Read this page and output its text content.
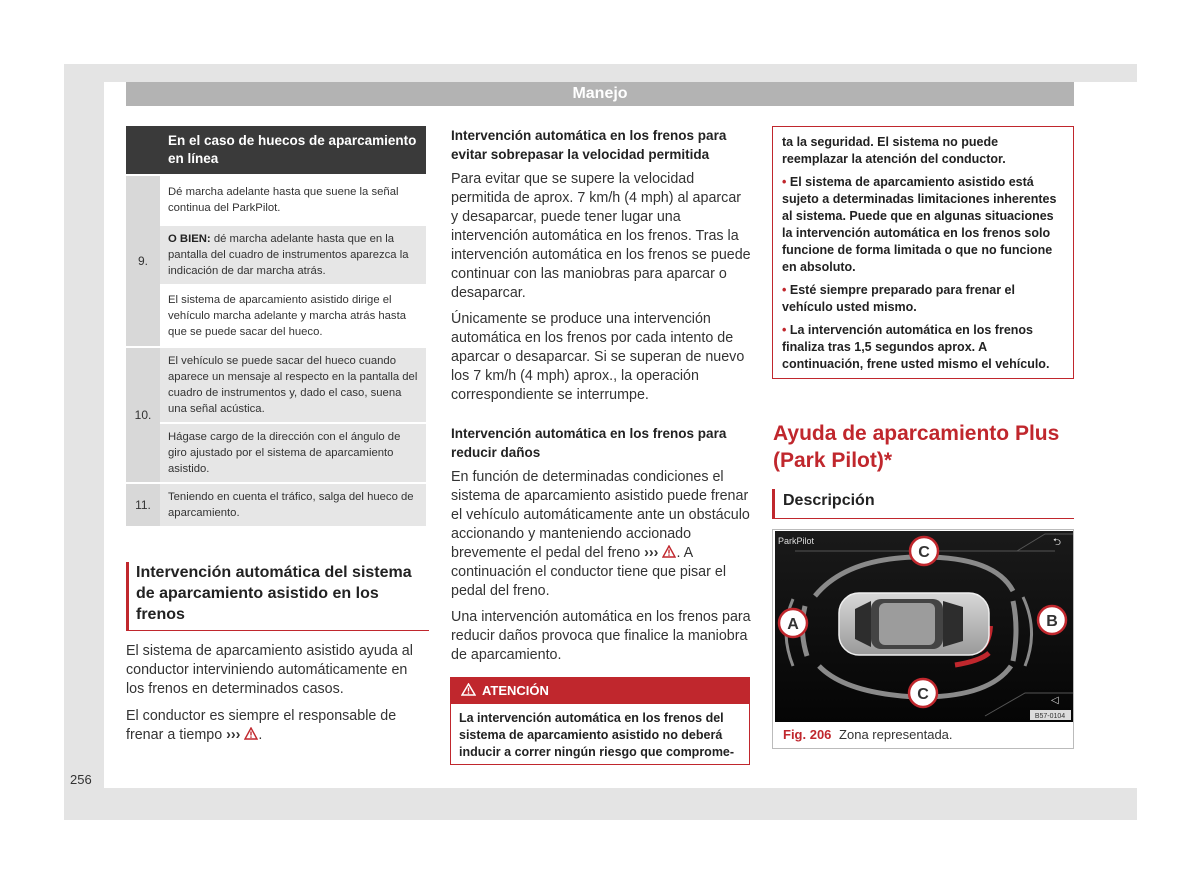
Manejo
	En el caso de huecos de aparcamiento en línea
9.	Dé marcha adelante hasta que suene la señal continua del ParkPilot.
	O BIEN: dé marcha adelante hasta que en la pantalla del cuadro de instrumentos aparezca la indicación de dar marcha atrás.
	El sistema de aparcamiento asistido dirige el vehículo marcha adelante y marcha atrás hasta que se puede sacar del hueco.
10.	El vehículo se puede sacar del hueco cuando aparece un mensaje al respecto en la pantalla del cuadro de instrumentos y, dado el caso, suena una señal acústica.
	Hágase cargo de la dirección con el ángulo de giro ajustado por el sistema de aparcamiento asistido.
11.	Teniendo en cuenta el tráfico, salga del hueco de aparcamiento.
Intervención automática del sistema de aparcamiento asistido en los frenos

El sistema de aparcamiento asistido ayuda al conductor interviniendo automáticamente en los frenos en determinados casos.

El conductor es siempre el responsable de frenar a tiempo ››› .

256
Intervención automática en los frenos para evitar sobrepasar la velocidad permitida

Para evitar que se supere la velocidad permitida de aprox. 7 km/h (4 mph) al aparcar y desaparcar, puede tener lugar una intervención automática en los frenos. Tras la intervención automática en los frenos se puede continuar con las maniobras para aparcar o desaparcar.

Únicamente se produce una intervención automática en los frenos por cada intento de aparcar o desaparcar. Si se superan de nuevo los 7 km/h (4 mph) aprox., la operación correspondiente se interrumpe.

Intervención automática en los frenos para reducir daños

En función de determinadas condiciones el sistema de aparcamiento asistido puede frenar el vehículo automáticamente ante un obstáculo accionando y manteniendo accionado brevemente el pedal del freno ››› . A continuación el conductor tiene que pisar el pedal del freno.

Una intervención automática en los frenos para reducir daños provoca que finalice la maniobra de aparcamiento.

ATENCIÓN
La intervención automática en los frenos del sistema de aparcamiento asistido no deberá inducir a correr ningún riesgo que comprome-

ta la seguridad. El sistema no puede reemplazar la atención del conductor.

• El sistema de aparcamiento asistido está sujeto a determinadas limitaciones inherentes al sistema. Puede que en algunas situaciones la intervención automática en los frenos solo funcione de forma limitada o que no funcione en absoluto.

• Esté siempre preparado para frenar el vehículo usted mismo.

• La intervención automática en los frenos finaliza tras 1,5 segundos aprox. A continuación, frene usted mismo el vehículo.

Ayuda de aparcamiento Plus (Park Pilot)*
Descripción
ParkPilot	⮌
C
A	B
C	◁
B57-0104
Fig. 206 Zona representada.
